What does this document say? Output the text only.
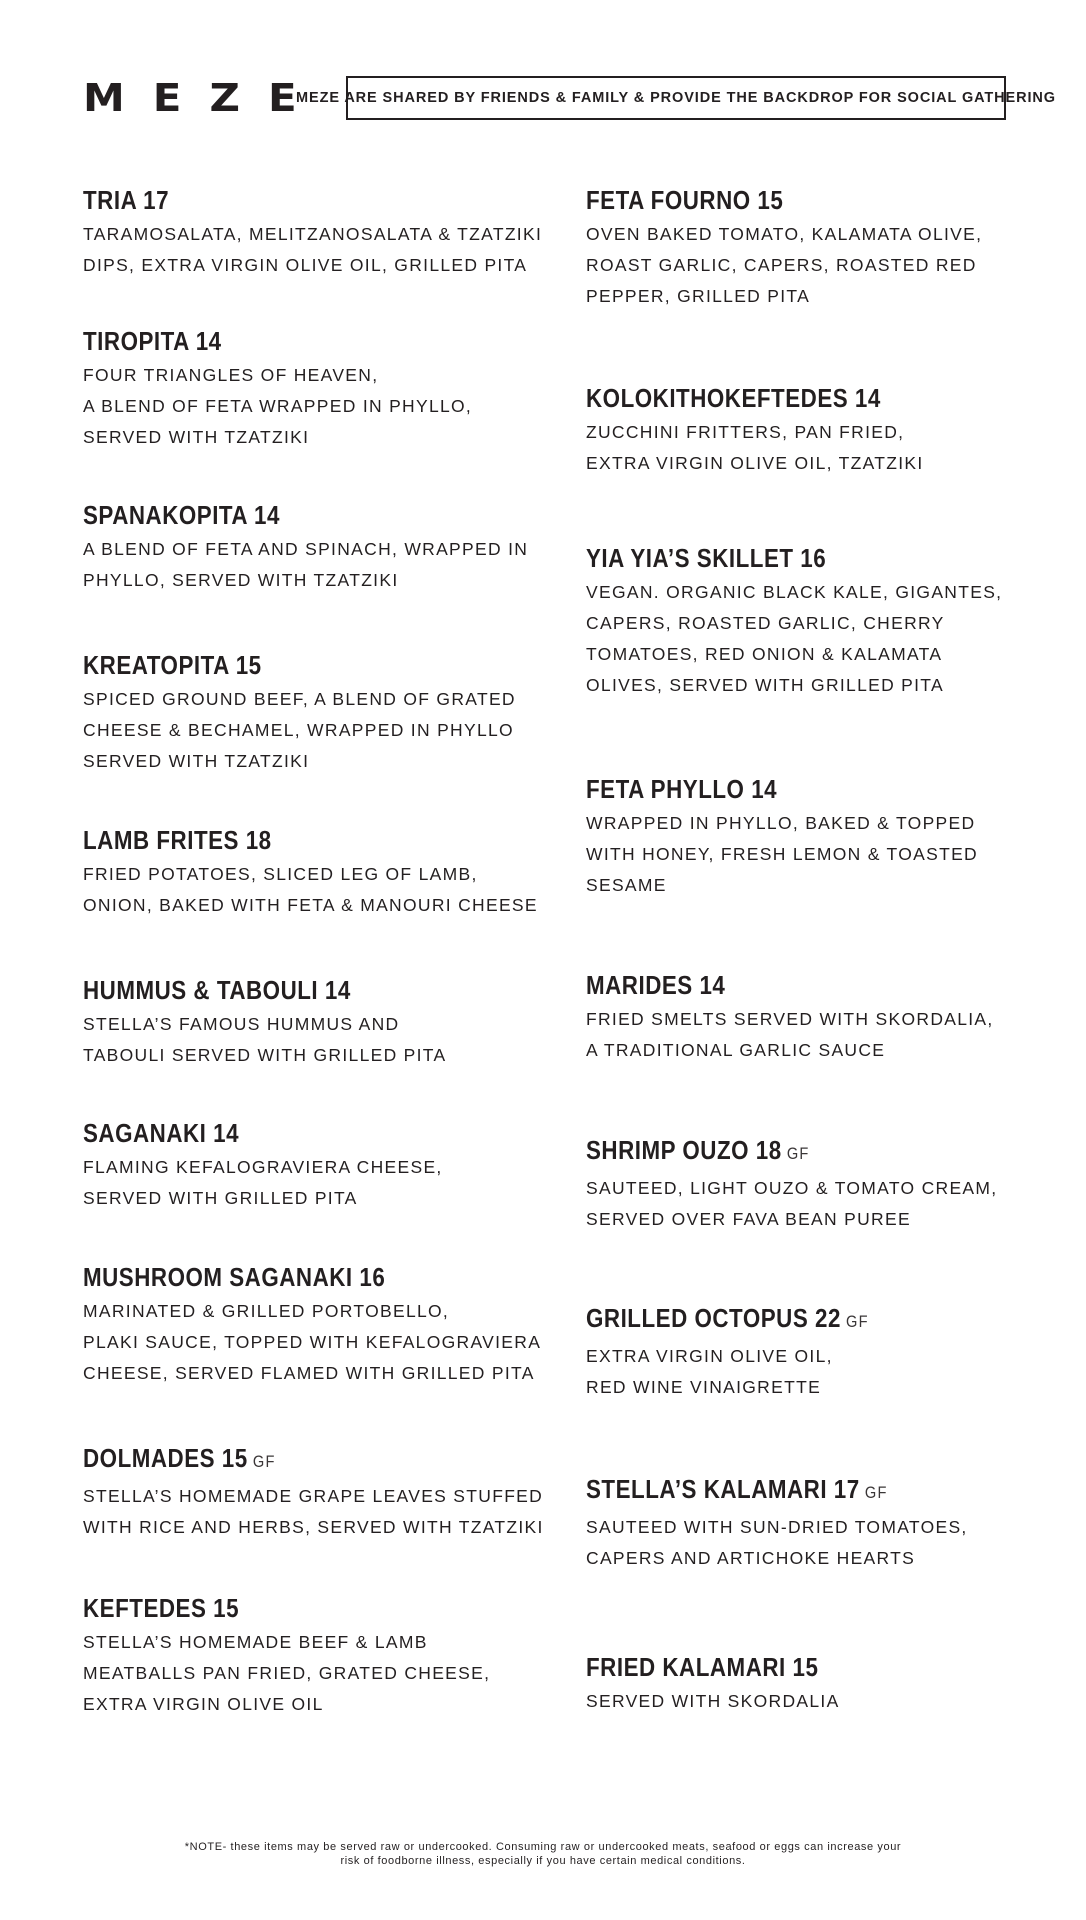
MEZE
MEZE ARE SHARED BY FRIENDS & FAMILY & PROVIDE THE BACKDROP FOR SOCIAL GATHERING
TRIA 17
TARAMOSALATA, MELITZANOSALATA & TZATZIKI
DIPS, EXTRA VIRGIN OLIVE OIL, GRILLED PITA
TIROPITA 14
FOUR TRIANGLES OF HEAVEN,
A BLEND OF FETA WRAPPED IN PHYLLO,
SERVED WITH TZATZIKI
SPANAKOPITA 14
A BLEND OF FETA AND SPINACH, WRAPPED IN
PHYLLO, SERVED WITH TZATZIKI
KREATOPITA 15
SPICED GROUND BEEF, A BLEND OF GRATED
CHEESE & BECHAMEL, WRAPPED IN PHYLLO
SERVED WITH TZATZIKI
LAMB FRITES 18
FRIED POTATOES, SLICED LEG OF LAMB,
ONION, BAKED WITH FETA & MANOURI CHEESE
HUMMUS & TABOULI 14
STELLA’S FAMOUS HUMMUS AND
TABOULI SERVED WITH GRILLED PITA
SAGANAKI 14
FLAMING KEFALOGRAVIERA CHEESE,
SERVED WITH GRILLED PITA
MUSHROOM SAGANAKI 16
MARINATED & GRILLED PORTOBELLO,
PLAKI SAUCE, TOPPED WITH KEFALOGRAVIERA
CHEESE, SERVED FLAMED WITH GRILLED PITA
DOLMADES 15 GF
STELLA’S HOMEMADE GRAPE LEAVES STUFFED
WITH RICE AND HERBS, SERVED WITH TZATZIKI
KEFTEDES 15
STELLA’S HOMEMADE BEEF & LAMB
MEATBALLS PAN FRIED, GRATED CHEESE,
EXTRA VIRGIN OLIVE OIL
FETA FOURNO 15
OVEN BAKED TOMATO, KALAMATA OLIVE,
ROAST GARLIC, CAPERS, ROASTED RED
PEPPER, GRILLED PITA
KOLOKITHOKEFTEDES 14
ZUCCHINI FRITTERS, PAN FRIED,
EXTRA VIRGIN OLIVE OIL, TZATZIKI
YIA YIA’S SKILLET 16
VEGAN. ORGANIC BLACK KALE, GIGANTES,
CAPERS, ROASTED GARLIC, CHERRY
TOMATOES, RED ONION & KALAMATA
OLIVES, SERVED WITH GRILLED PITA
FETA PHYLLO 14
WRAPPED IN PHYLLO, BAKED & TOPPED
WITH HONEY, FRESH LEMON & TOASTED
SESAME
MARIDES 14
FRIED SMELTS SERVED WITH SKORDALIA,
A TRADITIONAL GARLIC SAUCE
SHRIMP OUZO 18 GF
SAUTEED, LIGHT OUZO & TOMATO CREAM,
SERVED OVER FAVA BEAN PUREE
GRILLED OCTOPUS 22 GF
EXTRA VIRGIN OLIVE OIL,
RED WINE VINAIGRETTE
STELLA’S KALAMARI 17 GF
SAUTEED WITH SUN-DRIED TOMATOES,
CAPERS AND ARTICHOKE HEARTS
FRIED KALAMARI 15
SERVED WITH SKORDALIA
*NOTE- these items may be served raw or undercooked. Consuming raw or undercooked meats, seafood or eggs can increase your
risk of foodborne illness, especially if you have certain medical conditions.
